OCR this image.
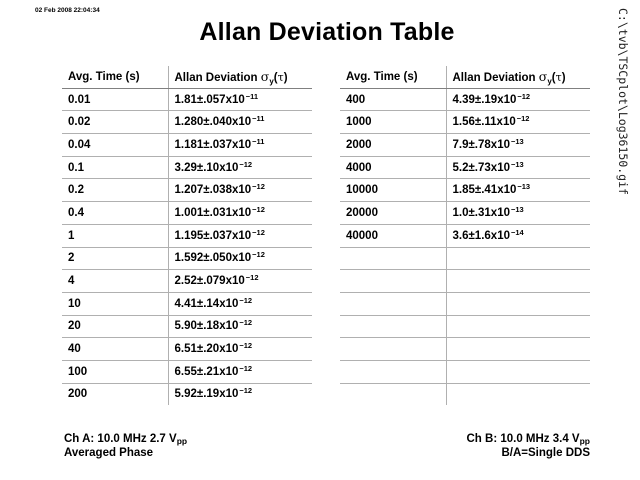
02 Feb 2008 22:04:34
Allan Deviation Table	C:\tvb\TSCplot\Log36150.gif
Avg. Time (s)	Allan Deviation $\sigma_y(\tau)$
0.01	$1.81\pm.057x10^{-11}$
0.02	$1.280\pm.040x10^{-11}$
0.04	$1.181\pm.037x10^{-11}$
0.1	$3.29\pm.10x10^{-12}$
0.2	$1.207\pm.038x10^{-12}$
0.4	$1.001\pm.031x10^{-12}$
1	$1.195\pm.037x10^{-12}$
2	$1.592\pm.050x10^{-12}$
4	$2.52\pm.079x10^{-12}$
10	$4.41\pm.14x10^{-12}$
20	$5.90\pm.18x10^{-12}$
40	$6.51\pm.20x10^{-12}$
100	$6.55\pm.21x10^{-12}$
200	$5.92\pm.19x10^{-12}$
Avg. Time (s)	Allan Deviation $\sigma_y(\tau)$
400	$4.39\pm.19x10^{-12}$
1000	$1.56\pm.11x10^{-12}$
2000	$7.9\pm.78x10^{-13}$
4000	$5.2\pm.73x10^{-13}$
10000	$1.85\pm.41x10^{-13}$
20000	$1.0\pm.31x10^{-13}$
40000	$3.6\pm 1.6x10^{-14}$

Ch A: 10.0 MHz 2.7 Vpp
Averaged Phase
Ch B: 10.0 MHz 3.4 Vpp
B/A=Single DDS
